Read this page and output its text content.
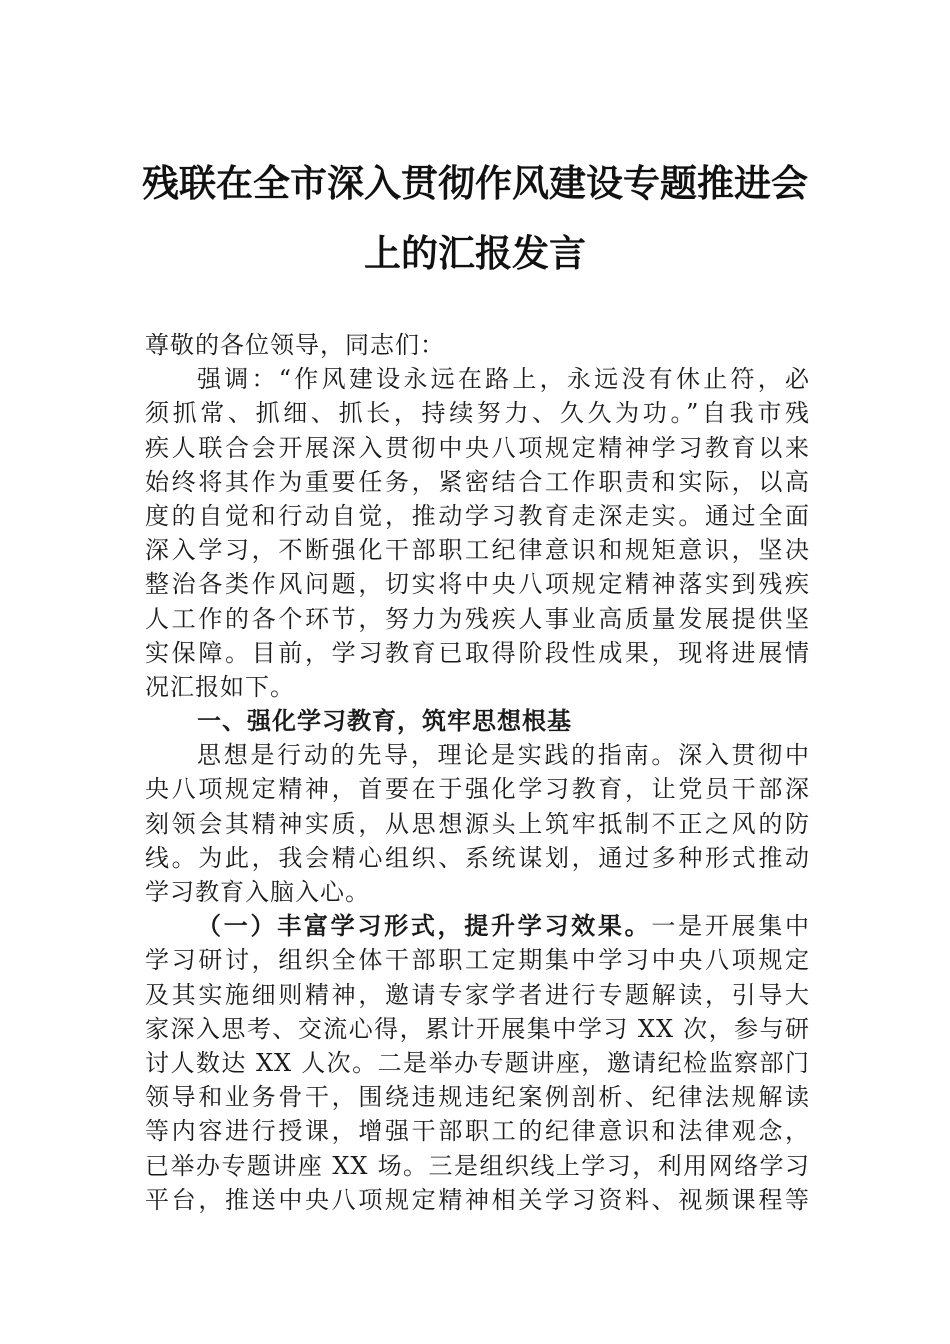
残联在全市深入贯彻作风建设专题推进会
上的汇报发言
尊敬的各位领导，同志们：
强调：“作风建设永远在路上，永远没有休止符，必
须抓常、抓细、抓长，持续努力、久久为功。”自我市残
疾人联合会开展深入贯彻中央八项规定精神学习教育以来
始终将其作为重要任务，紧密结合工作职责和实际，以高
度的自觉和行动自觉，推动学习教育走深走实。通过全面
深入学习，不断强化干部职工纪律意识和规矩意识，坚决
整治各类作风问题，切实将中央八项规定精神落实到残疾
人工作的各个环节，努力为残疾人事业高质量发展提供坚
实保障。目前，学习教育已取得阶段性成果，现将进展情
况汇报如下。
一、强化学习教育，筑牢思想根基
思想是行动的先导，理论是实践的指南。深入贯彻中
央八项规定精神，首要在于强化学习教育，让党员干部深
刻领会其精神实质，从思想源头上筑牢抵制不正之风的防
线。为此，我会精心组织、系统谋划，通过多种形式推动
学习教育入脑入心。
（一）丰富学习形式，提升学习效果。一是开展集中
学习研讨，组织全体干部职工定期集中学习中央八项规定
及其实施细则精神，邀请专家学者进行专题解读，引导大
家深入思考、交流心得，累计开展集中学习 XX 次，参与研
讨人数达 XX 人次。二是举办专题讲座，邀请纪检监察部门
领导和业务骨干，围绕违规违纪案例剖析、纪律法规解读
等内容进行授课，增强干部职工的纪律意识和法律观念，
已举办专题讲座 XX 场。三是组织线上学习，利用网络学习
平台，推送中央八项规定精神相关学习资料、视频课程等
